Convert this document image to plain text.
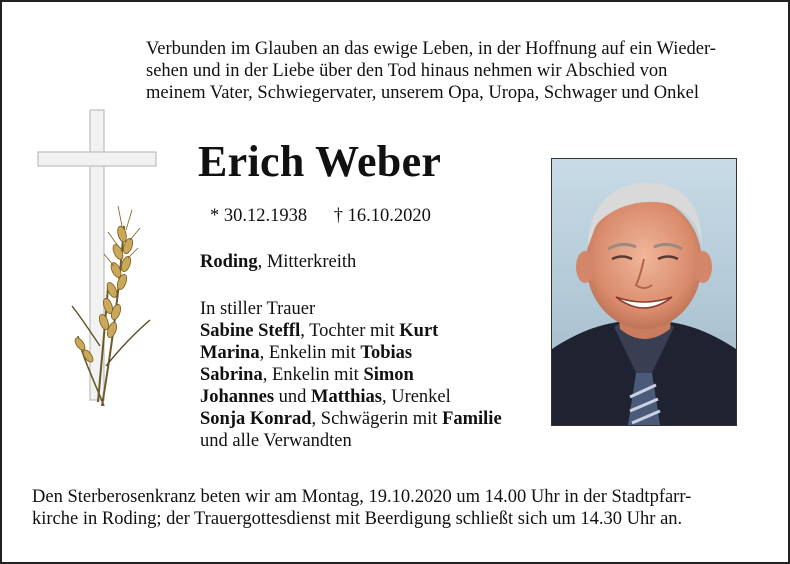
Verbunden im Glauben an das ewige Leben, in der Hoffnung auf ein Wieder-
sehen und in der Liebe über den Tod hinaus nehmen wir Abschied von
meinem Vater, Schwiegervater, unserem Opa, Uropa, Schwager und Onkel
Erich Weber
* 30.12.1938 † 16.10.2020
Roding, Mitterkreith
In stiller Trauer
Sabine Steffl, Tochter mit Kurt
Marina, Enkelin mit Tobias
Sabrina, Enkelin mit Simon
Johannes und Matthias, Urenkel
Sonja Konrad, Schwägerin mit Familie
und alle Verwandten
Den Sterberosenkranz beten wir am Montag, 19.10.2020 um 14.00 Uhr in der Stadtpfarr-
kirche in Roding; der Trauergottesdienst mit Beerdigung schließt sich um 14.30 Uhr an.
